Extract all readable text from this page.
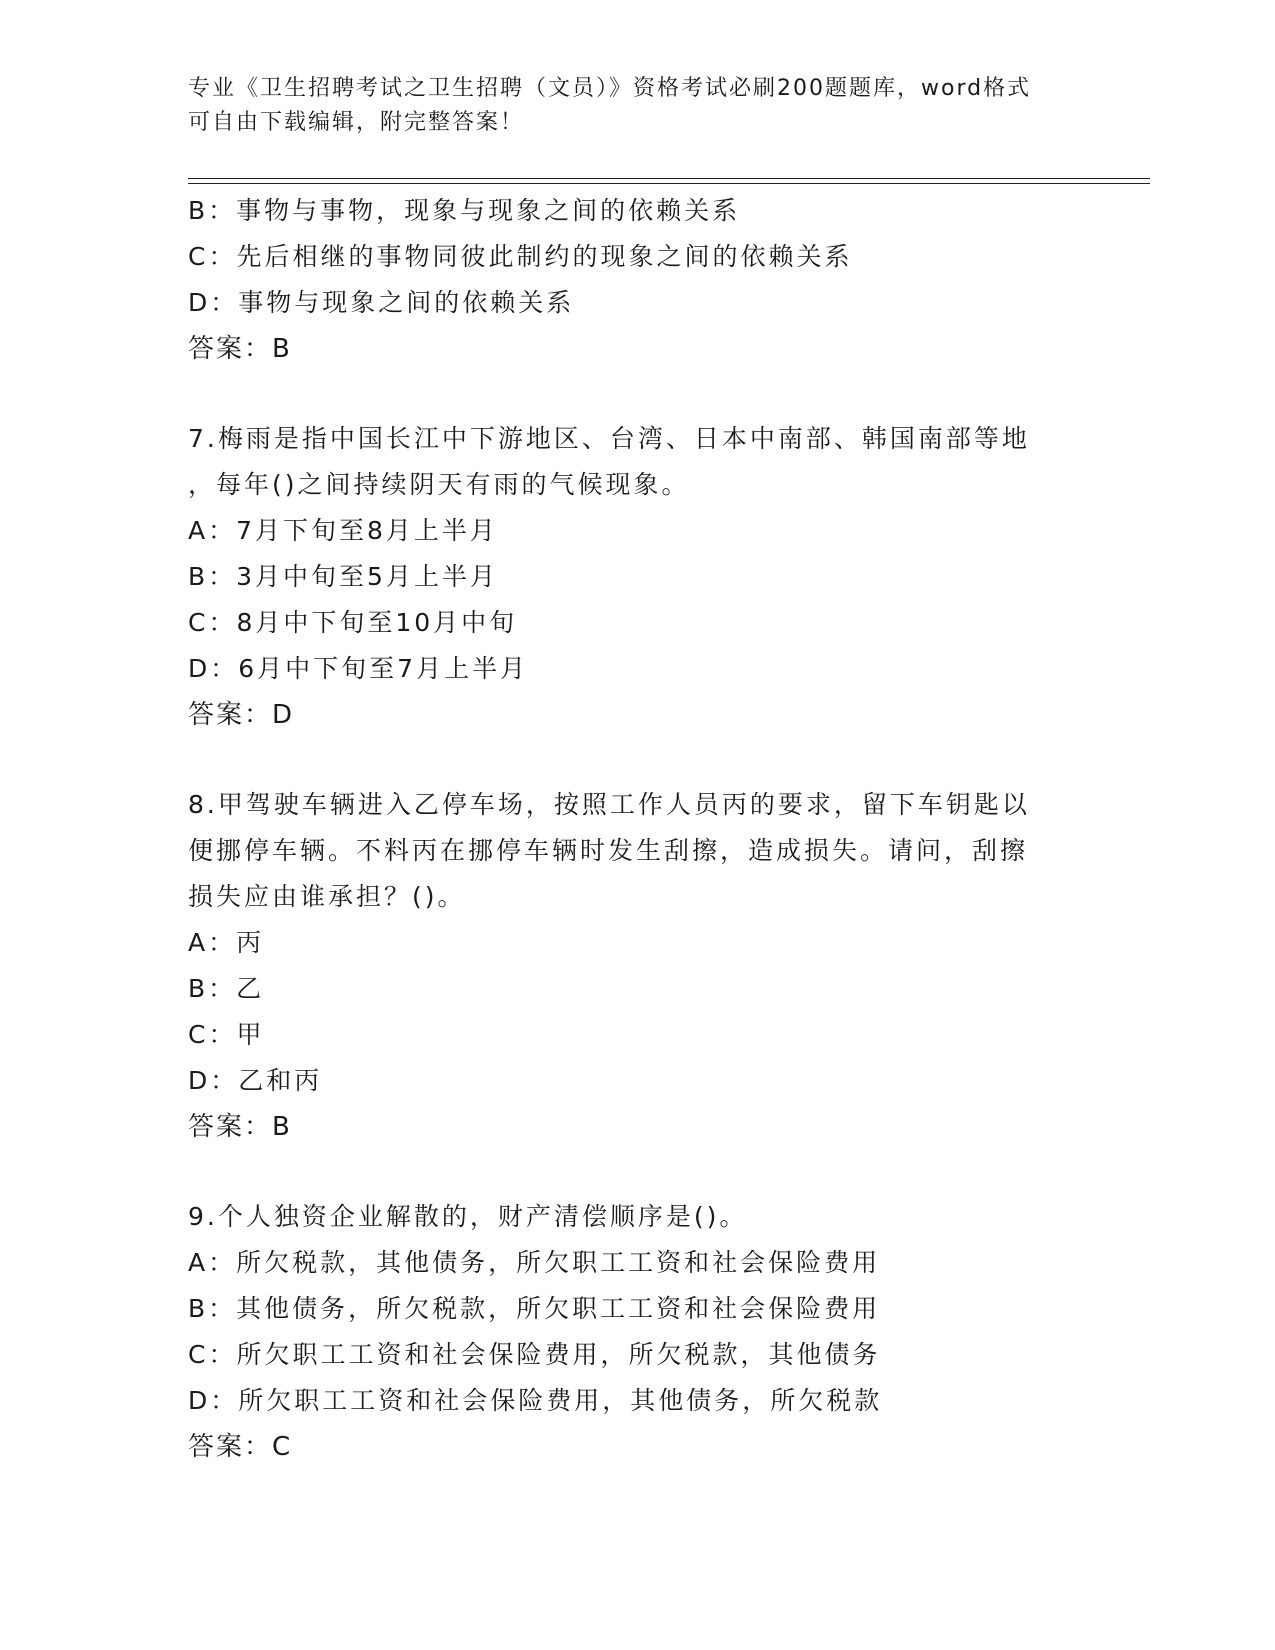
专业《卫生招聘考试之卫生招聘（文员）》资格考试必刷200题题库，word格式
可自由下载编辑，附完整答案！
B：事物与事物，现象与现象之间的依赖关系
C：先后相继的事物同彼此制约的现象之间的依赖关系
D：事物与现象之间的依赖关系
答案：B
7.梅雨是指中国长江中下游地区、台湾、日本中南部、韩国南部等地
，每年()之间持续阴天有雨的气候现象。
A：7月下旬至8月上半月
B：3月中旬至5月上半月
C：8月中下旬至10月中旬
D：6月中下旬至7月上半月
答案：D
8.甲驾驶车辆进入乙停车场，按照工作人员丙的要求，留下车钥匙以
便挪停车辆。不料丙在挪停车辆时发生刮擦，造成损失。请问，刮擦
损失应由谁承担？()。
A：丙
B：乙
C：甲
D：乙和丙
答案：B
9.个人独资企业解散的，财产清偿顺序是()。
A：所欠税款，其他债务，所欠职工工资和社会保险费用
B：其他债务，所欠税款，所欠职工工资和社会保险费用
C：所欠职工工资和社会保险费用，所欠税款，其他债务
D：所欠职工工资和社会保险费用，其他债务，所欠税款
答案：C
